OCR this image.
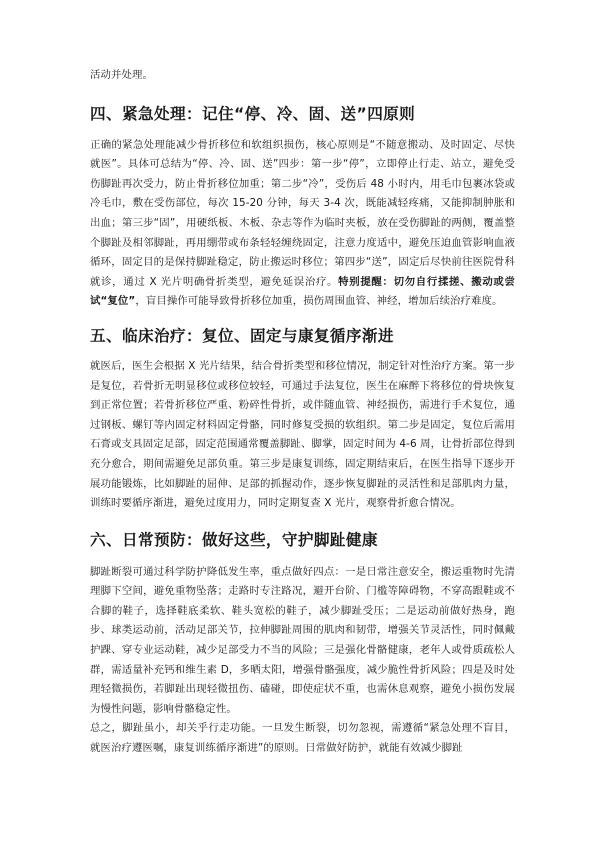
活动并处理。

四、紧急处理：记住“停、冷、固、送”四原则

正确的紧急处理能减少骨折移位和软组织损伤，核心原则是“不随意搬动、及时固定、尽快就医”。具体可总结为“停、冷、固、送”四步：第一步“停”，立即停止行走、站立，避免受伤脚趾再次受力，防止骨折移位加重；第二步“冷”，受伤后 48 小时内，用毛巾包裹冰袋或冷毛巾，敷在受伤部位，每次 15-20 分钟，每天 3-4 次，既能减轻疼痛，又能抑制肿胀和出血；第三步“固”，用硬纸板、木板、杂志等作为临时夹板，放在受伤脚趾的两侧，覆盖整个脚趾及相邻脚趾，再用绷带或布条轻轻缠绕固定，注意力度适中，避免压迫血管影响血液循环，固定目的是保持脚趾稳定，防止搬运时移位；第四步“送”，固定后尽快前往医院骨科就诊，通过 X 光片明确骨折类型，避免延误治疗。特别提醒：切勿自行揉搓、搬动或尝试“复位”，盲目操作可能导致骨折移位加重，损伤周围血管、神经，增加后续治疗难度。

五、临床治疗：复位、固定与康复循序渐进

就医后，医生会根据 X 光片结果，结合骨折类型和移位情况，制定针对性治疗方案。第一步是复位，若骨折无明显移位或移位较轻，可通过手法复位，医生在麻醉下将移位的骨块恢复到正常位置；若骨折移位严重、粉碎性骨折，或伴随血管、神经损伤，需进行手术复位，通过钢板、螺钉等内固定材料固定骨骼，同时修复受损的软组织。第二步是固定，复位后需用石膏或支具固定足部，固定范围通常覆盖脚趾、脚掌，固定时间为 4-6 周，让骨折部位得到充分愈合，期间需避免足部负重。第三步是康复训练，固定期结束后，在医生指导下逐步开展功能锻炼，比如脚趾的屈伸、足部的抓握动作，逐步恢复脚趾的灵活性和足部肌肉力量，训练时要循序渐进，避免过度用力，同时定期复查 X 光片，观察骨折愈合情况。

六、日常预防：做好这些，守护脚趾健康

脚趾断裂可通过科学防护降低发生率，重点做好四点：一是日常注意安全，搬运重物时先清理脚下空间，避免重物坠落；走路时专注路况，避开台阶、门槛等障碍物，不穿高跟鞋或不合脚的鞋子，选择鞋底柔软、鞋头宽松的鞋子，减少脚趾受压；二是运动前做好热身，跑步、球类运动前，活动足部关节，拉伸脚趾周围的肌肉和韧带，增强关节灵活性，同时佩戴护踝、穿专业运动鞋，减少足部受力不当的风险；三是强化骨骼健康，老年人或骨质疏松人群，需适量补充钙和维生素 D，多晒太阳，增强骨骼强度，减少脆性骨折风险；四是及时处理轻微损伤，若脚趾出现轻微扭伤、磕碰，即使症状不重，也需休息观察，避免小损伤发展为慢性问题，影响骨骼稳定性。

总之，脚趾虽小，却关乎行走功能。一旦发生断裂，切勿忽视，需遵循“紧急处理不盲目，就医治疗遵医嘱，康复训练循序渐进”的原则。日常做好防护，就能有效减少脚趾
